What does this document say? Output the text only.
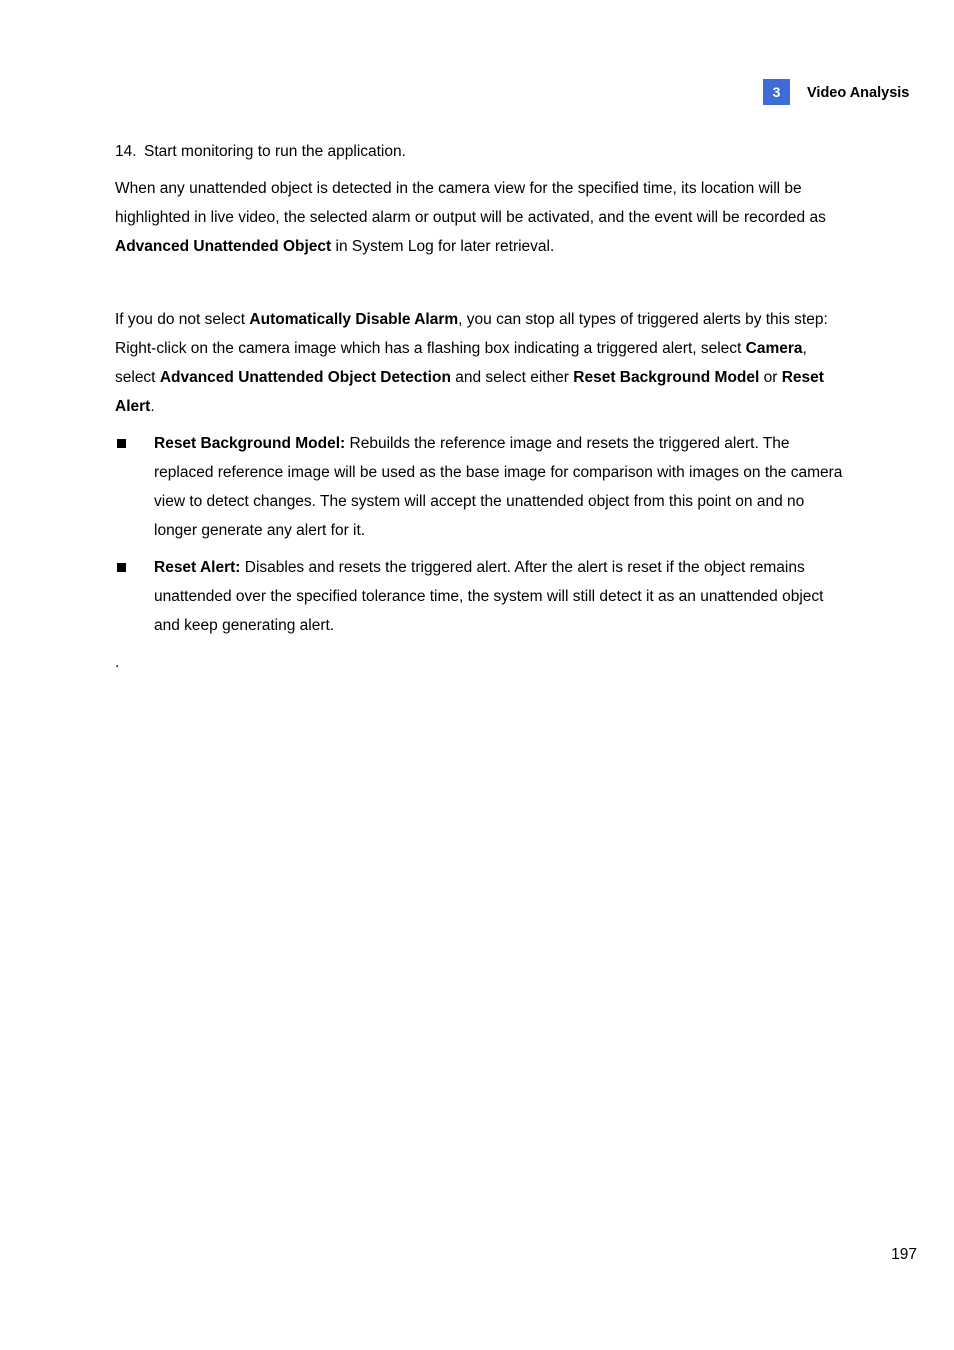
3	Video Analysis

14. Start monitoring to run the application.

When any unattended object is detected in the camera view for the specified time, its location will be highlighted in live video, the selected alarm or output will be activated, and the event will be recorded as Advanced Unattended Object in System Log for later retrieval.

If you do not select Automatically Disable Alarm, you can stop all types of triggered alerts by this step: Right-click on the camera image which has a flashing box indicating a triggered alert, select Camera, select Advanced Unattended Object Detection and select either Reset Background Model or Reset Alert.

Reset Background Model: Rebuilds the reference image and resets the triggered alert. The replaced reference image will be used as the base image for comparison with images on the camera view to detect changes. The system will accept the unattended object from this point on and no longer generate any alert for it.
Reset Alert: Disables and resets the triggered alert. After the alert is reset if the object remains unattended over the specified tolerance time, the system will still detect it as an unattended object and keep generating alert.

.

197
